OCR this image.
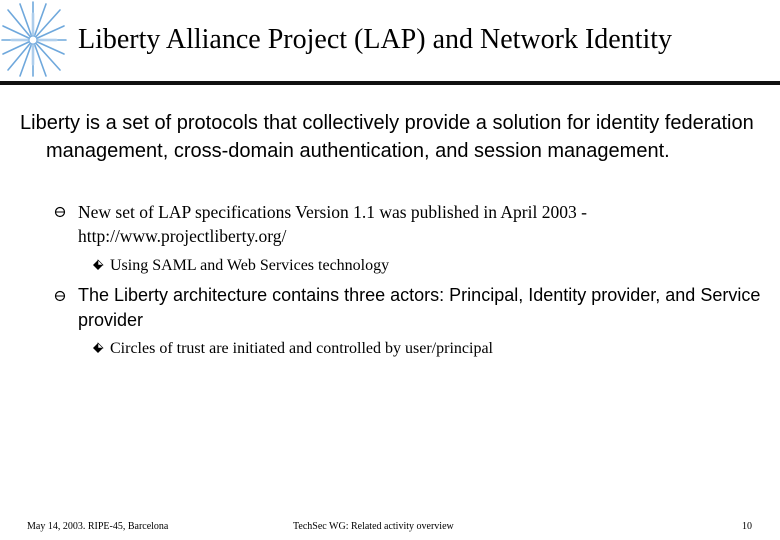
Liberty Alliance Project (LAP) and Network Identity

Liberty is a set of protocols that collectively provide a solution for identity federation management, cross-domain authentication, and session management.

New set of LAP specifications Version 1.1 was published in April 2003 - http://www.projectliberty.org/

Using SAML and Web Services technology

The Liberty architecture contains three actors: Principal, Identity provider, and Service provider

Circles of trust are initiated and controlled by user/principal

May 14, 2003. RIPE-45, Barcelona	TechSec WG: Related activity overview	10
